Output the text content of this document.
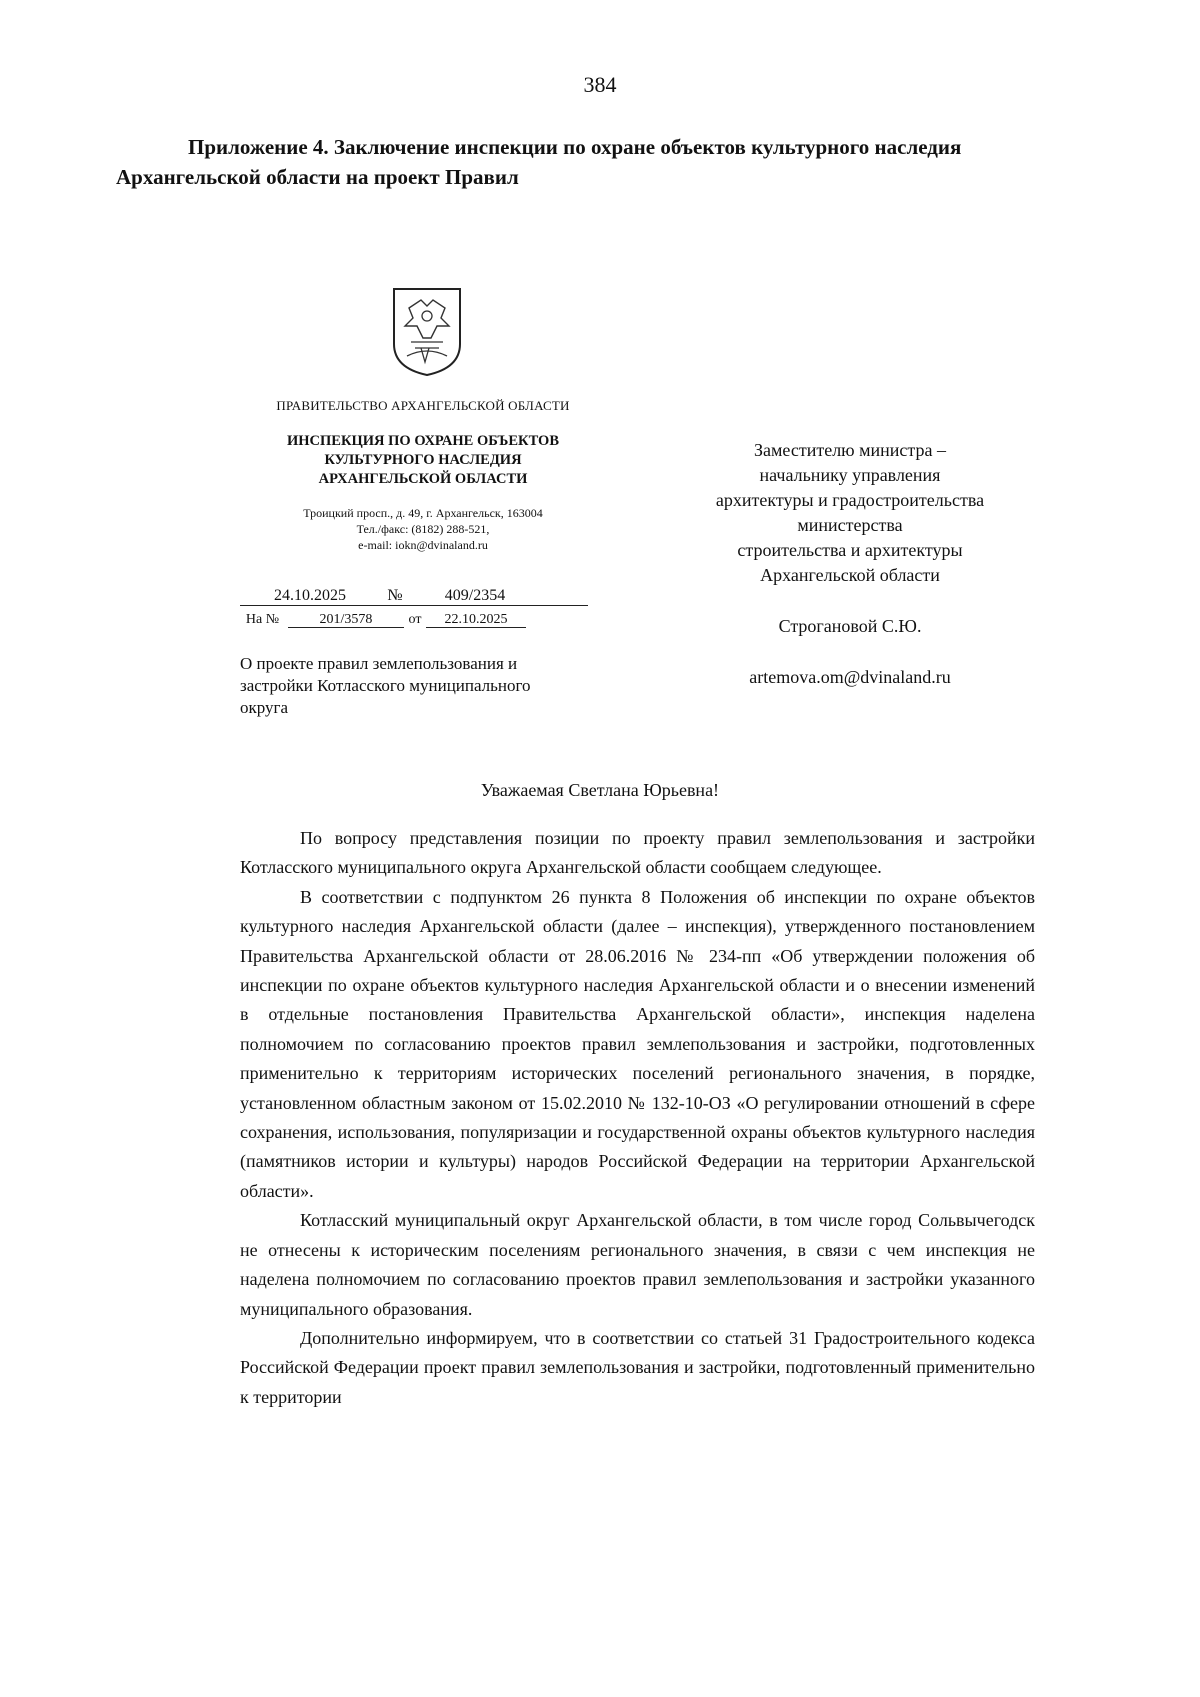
384
Приложение 4. Заключение инспекции по охране объектов культурного наследия Архангельской области на проект Правил
ПРАВИТЕЛЬСТВО АРХАНГЕЛЬСКОЙ ОБЛАСТИ
ИНСПЕКЦИЯ ПО ОХРАНЕ ОБЪЕКТОВ
КУЛЬТУРНОГО НАСЛЕДИЯ
АРХАНГЕЛЬСКОЙ ОБЛАСТИ
Троицкий просп., д. 49, г. Архангельск, 163004
Тел./факс: (8182) 288-521,
e-mail: iokn@dvinaland.ru
24.10.2025	№	409/2354
На №	201/3578	от	22.10.2025
О проекте правил землепользования и
застройки Котласского муниципального
округа
Заместителю министра –
начальнику управления
архитектуры и градостроительства
министерства
строительства и архитектуры
Архангельской области
Строгановой С.Ю.
artemova.om@dvinaland.ru
Уважаемая Светлана Юрьевна!

По вопросу представления позиции по проекту правил землепользования и застройки Котласского муниципального округа Архангельской области сообщаем следующее.

В соответствии с подпунктом 26 пункта 8 Положения об инспекции по охране объектов культурного наследия Архангельской области (далее – инспекция), утвержденного постановлением Правительства Архангельской области от 28.06.2016 № 234-пп «Об утверждении положения об инспекции по охране объектов культурного наследия Архангельской области и о внесении изменений в отдельные постановления Правительства Архангельской области», инспекция наделена полномочием по согласованию проектов правил землепользования и застройки, подготовленных применительно к территориям исторических поселений регионального значения, в порядке, установленном областным законом от 15.02.2010 № 132-10-ОЗ «О регулировании отношений в сфере сохранения, использования, популяризации и государственной охраны объектов культурного наследия (памятников истории и культуры) народов Российской Федерации на территории Архангельской области».

Котласский муниципальный округ Архангельской области, в том числе город Сольвычегодск не отнесены к историческим поселениям регионального значения, в связи с чем инспекция не наделена полномочием по согласованию проектов правил землепользования и застройки указанного муниципального образования.

Дополнительно информируем, что в соответствии со статьей 31 Градостроительного кодекса Российской Федерации проект правил землепользования и застройки, подготовленный применительно к территории
